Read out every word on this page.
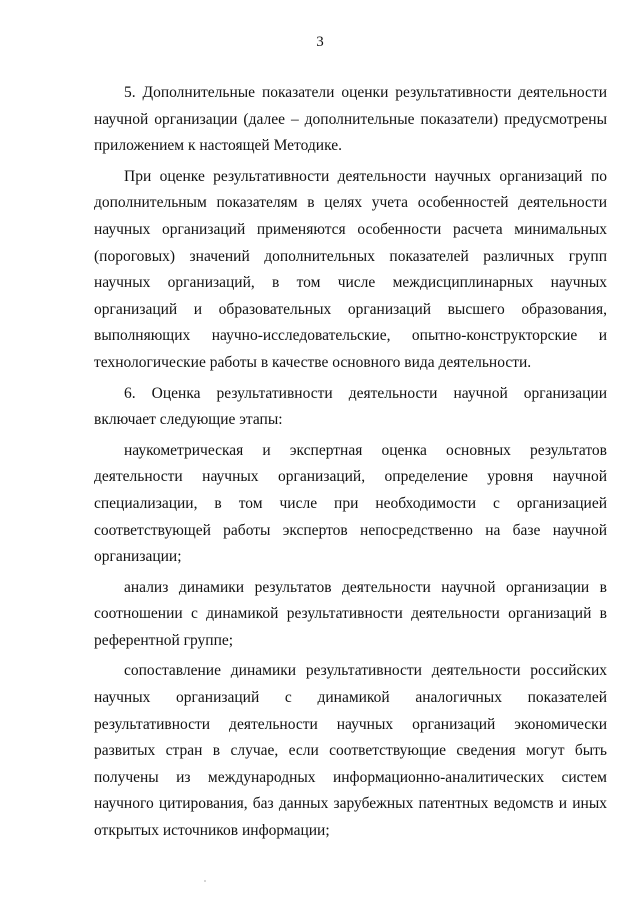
3

5. Дополнительные показатели оценки результативности деятельности научной организации (далее – дополнительные показатели) предусмотрены приложением к настоящей Методике.

При оценке результативности деятельности научных организаций по дополнительным показателям в целях учета особенностей деятельности научных организаций применяются особенности расчета минимальных (пороговых) значений дополнительных показателей различных групп научных организаций, в том числе междисциплинарных научных организаций и образовательных организаций высшего образования, выполняющих научно-исследовательские, опытно-конструкторские и технологические работы в качестве основного вида деятельности.

6. Оценка результативности деятельности научной организации включает следующие этапы:

наукометрическая и экспертная оценка основных результатов деятельности научных организаций, определение уровня научной специализации, в том числе при необходимости с организацией соответствующей работы экспертов непосредственно на базе научной организации;

анализ динамики результатов деятельности научной организации в соотношении с динамикой результативности деятельности организаций в референтной группе;

сопоставление динамики результативности деятельности российских научных организаций с динамикой аналогичных показателей результативности деятельности научных организаций экономически развитых стран в случае, если соответствующие сведения могут быть получены из международных информационно-аналитических систем научного цитирования, баз данных зарубежных патентных ведомств и иных открытых источников информации;
